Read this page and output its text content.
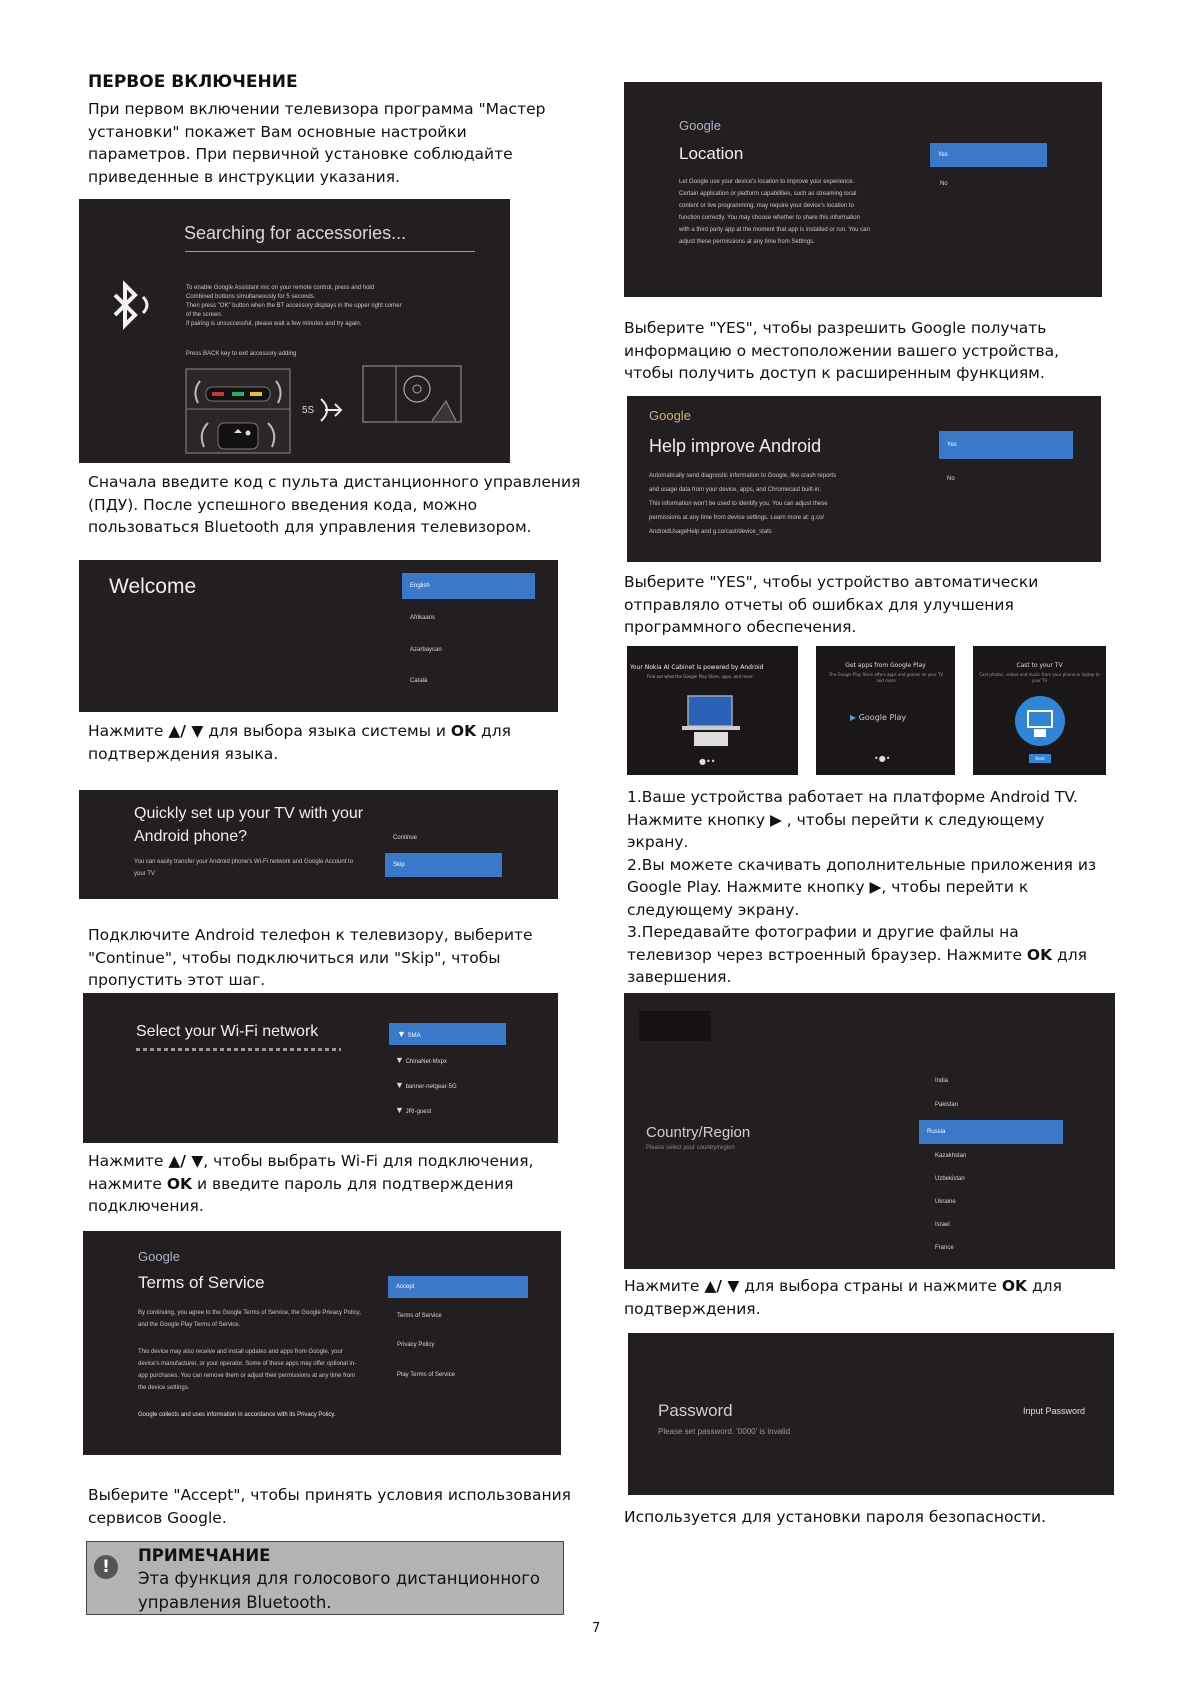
ПЕРВОЕ ВКЛЮЧЕНИЕ

При первом включении телевизора программа "Мастер установки" покажет Вам основные настройки параметров. При первичной установке соблюдайте приведенные в инструкции указания.

Searching for accessories...
To enable Google Assistant mic on your remote control, press and hold
Combined buttons simultaneously for 5 seconds.
Then press "OK" button when the BT accessory displays in the upper right corner
of the screen.
If pairing is unsuccessful, please wait a few minutes and try again.
Press BACK key to exit accessory adding
5S

Сначала введите код с пульта дистанционного управления (ПДУ). После успешного введения кода, можно пользоваться Bluetooth для управления телевизором.

Welcome	English
Afrikaans
Azərbaycan
Català

Нажмите ▲/ ▼ для выбора языка системы и OK для подтверждения языка.

Quickly set up your TV with your Android phone?
You can easily transfer your Android phone's Wi-Fi network and Google Account to your TV
Continue
Skip

Подключите Android телефон к телевизору, выберите "Continue", чтобы подключиться или "Skip", чтобы пропустить этот шаг.

Select your Wi-Fi network	▼ SMA
▼ ChinaNet-Mxpx
▼ banner-netgear-5G
▼ JRI-guest

Нажмите ▲/ ▼, чтобы выбрать Wi-Fi для подключения, нажмите OK и введите пароль для подтверждения подключения.

Google
Terms of Service
By continuing, you agree to the Google Terms of Service, the Google Privacy Policy, and the Google Play Terms of Service.
This device may also receive and install updates and apps from Google, your device's manufacturer, or your operator. Some of these apps may offer optional in-app purchases. You can remove them or adjust their permissions at any time from the device settings.
Google collects and uses information in accordance with its Privacy Policy.
Accept
Terms of Service
Privacy Policy
Play Terms of Service

Выберите "Accept", чтобы принять условия использования сервисов Google.

!
ПРИМЕЧАНИЕ
Эта функция для голосового дистанционного управления Bluetooth.
Google
Location
Let Google use your device's location to improve your experience.
Certain application or platform capabilities, such as streaming local
content or live programming, may require your device's location to
function correctly. You may choose whether to share this information
with a third party app at the moment that app is installed or run. You can
adjust these permissions at any time from Settings.
Yes
No

Выберите "YES", чтобы разрешить Google получать информацию о местоположении вашего устройства, чтобы получить доступ к расширенным функциям.

Google
Help improve Android
Automatically send diagnostic information to Google, like crash reports
and usage data from your device, apps, and Chromecast built-in.
This information won't be used to identify you. You can adjust these
permissions at any time from device settings. Learn more at: g.co/
AndroidUsageHelp and g.co/cast/device_stats
Yes
No

Выберите "YES", чтобы устройство автоматически отправляло отчеты об ошибках для улучшения программного обеспечения.

Your Nokia AI Cabinet is powered by Android
Find out what the Google Play Store, apps, and more
●••
Get apps from Google Play
The Google Play Store offers apps and games on your TV and more
▶ Google Play
•●•
Cast to your TV
Cast photos, videos and music from your phone or laptop to your TV
Next

1.Ваше устройства работает на платформе Android TV. Нажмите кнопку ▶ , чтобы перейти к следующему экрану.

2.Вы можете скачивать дополнительные приложения из Google Play. Нажмите кнопку ▶, чтобы перейти к следующему экрану.

3.Передавайте фотографии и другие файлы на телевизор через встроенный браузер. Нажмите OK для завершения.

Country/Region
Please select your country/region
India
Pakistan
Russia
Kazakhstan
Uzbekistan
Ukraine
Israel
France

Нажмите ▲/ ▼ для выбора страны и нажмите OK для подтверждения.

Password
Please set password. '0000' is invalid
Input Password

Используется для установки пароля безопасности.

7
